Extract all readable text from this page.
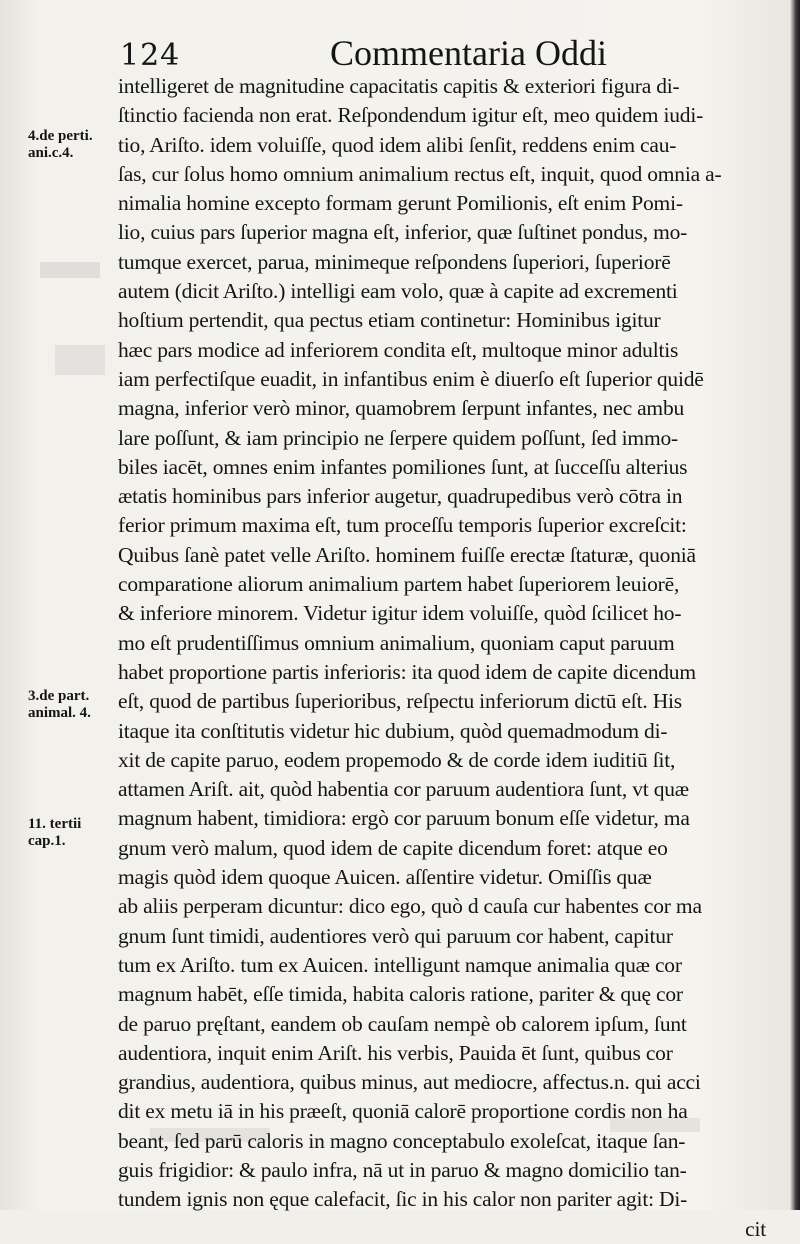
124	Commentaria Oddi
4.de perti.
ani.c.4.
3.de part.
animal. 4.
11. tertii
cap.1.
intelligeret de magnitudine capacitatis capitis & exteriori figura di-
ſtinctio facienda non erat. Reſpondendum igitur eſt, meo quidem iudi-
tio, Ariſto. idem voluiſſe, quod idem alibi ſenſit, reddens enim cau-
ſas, cur ſolus homo omnium animalium rectus eſt, inquit, quod omnia a-
nimalia homine excepto formam gerunt Pomilionis, eſt enim Pomi-
lio, cuius pars ſuperior magna eſt, inferior, quæ ſuſtinet pondus, mo-
tumque exercet, parua, minimeque reſpondens ſuperiori, ſuperiorē
autem (dicit Ariſto.) intelligi eam volo, quæ à capite ad excrementi
hoſtium pertendit, qua pectus etiam continetur: Hominibus igitur
hæc pars modice ad inferiorem condita eſt, multoque minor adultis
iam perfectiſque euadit, in infantibus enim è diuerſo eſt ſuperior quidē
magna, inferior verò minor, quamobrem ſerpunt infantes, nec ambu
lare poſſunt, & iam principio ne ſerpere quidem poſſunt, ſed immo-
biles iacēt, omnes enim infantes pomiliones ſunt, at ſucceſſu alterius
ætatis hominibus pars inferior augetur, quadrupedibus verò cōtra in
ferior primum maxima eſt, tum proceſſu temporis ſuperior excreſcit:
Quibus ſanè patet velle Ariſto. hominem fuiſſe erectæ ſtaturæ, quoniā
comparatione aliorum animalium partem habet ſuperiorem leuiorē,
& inferiore minorem. Videtur igitur idem voluiſſe, quòd ſcilicet ho-
mo eſt prudentiſſimus omnium animalium, quoniam caput paruum
habet proportione partis inferioris: ita quod idem de capite dicendum
eſt, quod de partibus ſuperioribus, reſpectu inferiorum dictū eſt. His
itaque ita conſtitutis videtur hic dubium, quòd quemadmodum di-
xit de capite paruo, eodem propemodo & de corde idem iuditiū ſit,
attamen Ariſt. ait, quòd habentia cor paruum audentiora ſunt, vt quæ
magnum habent, timidiora: ergò cor paruum bonum eſſe videtur, ma
gnum verò malum, quod idem de capite dicendum foret: atque eo
magis quòd idem quoque Auicen. aſſentire videtur. Omiſſis quæ
ab aliis perperam dicuntur: dico ego, quò d cauſa cur habentes cor ma
gnum ſunt timidi, audentiores verò qui paruum cor habent, capitur
tum ex Ariſto. tum ex Auicen. intelligunt namque animalia quæ cor
magnum habēt, eſſe timida, habita caloris ratione, pariter & quę cor
de paruo pręſtant, eandem ob cauſam nempè ob calorem ipſum, ſunt
audentiora, inquit enim Ariſt. his verbis, Pauida ēt ſunt, quibus cor
grandius, audentiora, quibus minus, aut mediocre, affectus.n. qui acci
dit ex metu iā in his præeſt, quoniā calorē proportione cordis non ha
beant, ſed parū caloris in magno conceptabulo exoleſcat, itaque ſan-
guis frigidior: & paulo infra, nā ut in paruo & magno domicilio tan-
tundem ignis non ęque calefacit, ſic in his calor non pariter agit: Di-
cit
